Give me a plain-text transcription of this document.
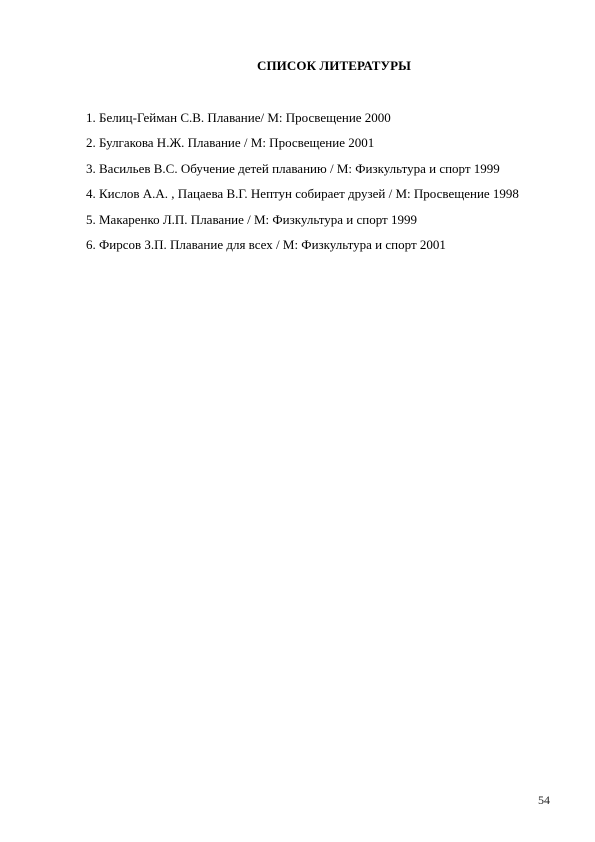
СПИСОК ЛИТЕРАТУРЫ
1. Белиц-Гейман С.В. Плавание/ М: Просвещение 2000
2. Булгакова Н.Ж. Плавание / М: Просвещение 2001
3. Васильев В.С. Обучение детей плаванию / М: Физкультура и спорт 1999
4. Кислов А.А. , Пацаева В.Г. Нептун собирает друзей / М: Просвещение 1998
5. Макаренко Л.П. Плавание / М: Физкультура и спорт 1999
6. Фирсов З.П. Плавание для всех / М: Физкультура и спорт 2001
54
